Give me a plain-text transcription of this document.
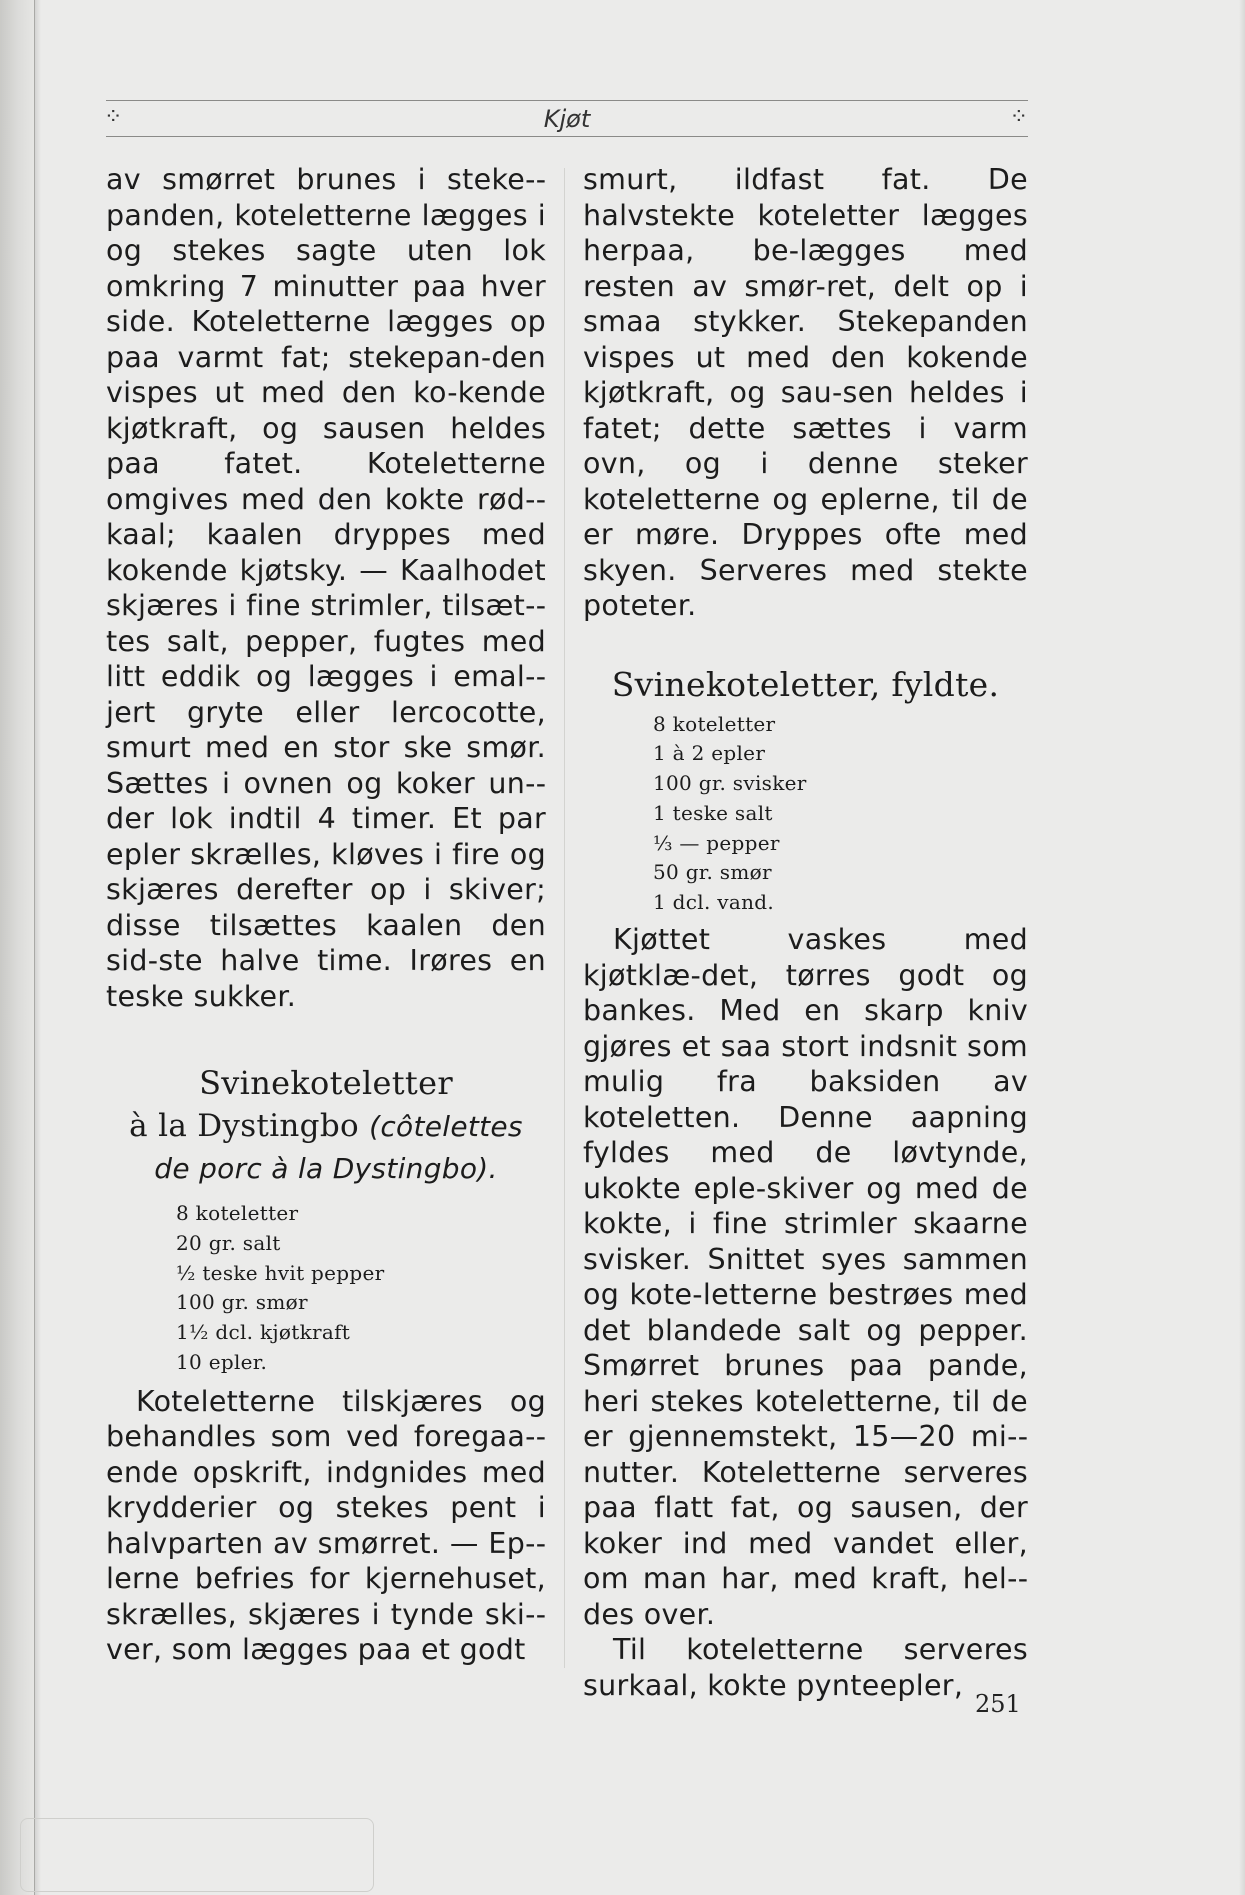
⁘	Kjøt	⁘

av smørret brunes i steke-panden, koteletterne lægges i og stekes sagte uten lok omkring 7 minutter paa hver side. Koteletterne lægges op paa varmt fat; stekepan-den vispes ut med den ko-kende kjøtkraft, og sausen heldes paa fatet. Koteletterne omgives med den kokte rød-kaal; kaalen dryppes med kokende kjøtsky. — Kaalhodet skjæres i fine strimler, tilsæt-tes salt, pepper, fugtes med litt eddik og lægges i emal-jert gryte eller lercocotte, smurt med en stor ske smør. Sættes i ovnen og koker un-der lok indtil 4 timer. Et par epler skrælles, kløves i fire og skjæres derefter op i skiver; disse tilsættes kaalen den sid-ste halve time. Irøres en teske sukker.

Svinekoteletter
à la Dystingbo (côtelettes
de porc à la Dystingbo).
8 koteletter
20 gr. salt
½ teske hvit pepper
100 gr. smør
1½ dcl. kjøtkraft
10 epler.

Koteletterne tilskjæres og behandles som ved foregaa-ende opskrift, indgnides med krydderier og stekes pent i halvparten av smørret. — Ep-lerne befries for kjernehuset, skrælles, skjæres i tynde ski-ver, som lægges paa et godt

smurt, ildfast fat. De halvstekte koteletter lægges herpaa, be-lægges med resten av smør-ret, delt op i smaa stykker. Stekepanden vispes ut med den kokende kjøtkraft, og sau-sen heldes i fatet; dette sættes i varm ovn, og i denne steker koteletterne og eplerne, til de er møre. Dryppes ofte med skyen. Serveres med stekte poteter.

Svinekoteletter, fyldte.
8 koteletter
1 à 2 epler
100 gr. svisker
1 teske salt
⅓ — pepper
50 gr. smør
1 dcl. vand.

Kjøttet vaskes med kjøtklæ-det, tørres godt og bankes. Med en skarp kniv gjøres et saa stort indsnit som mulig fra baksiden av koteletten. Denne aapning fyldes med de løvtynde, ukokte eple-skiver og med de kokte, i fine strimler skaarne svisker. Snittet syes sammen og kote-letterne bestrøes med det blandede salt og pepper. Smørret brunes paa pande, heri stekes koteletterne, til de er gjennemstekt, 15—20 mi-nutter. Koteletterne serveres paa flatt fat, og sausen, der koker ind med vandet eller, om man har, med kraft, hel-des over.

Til koteletterne serveres surkaal, kokte pynteepler,

251
